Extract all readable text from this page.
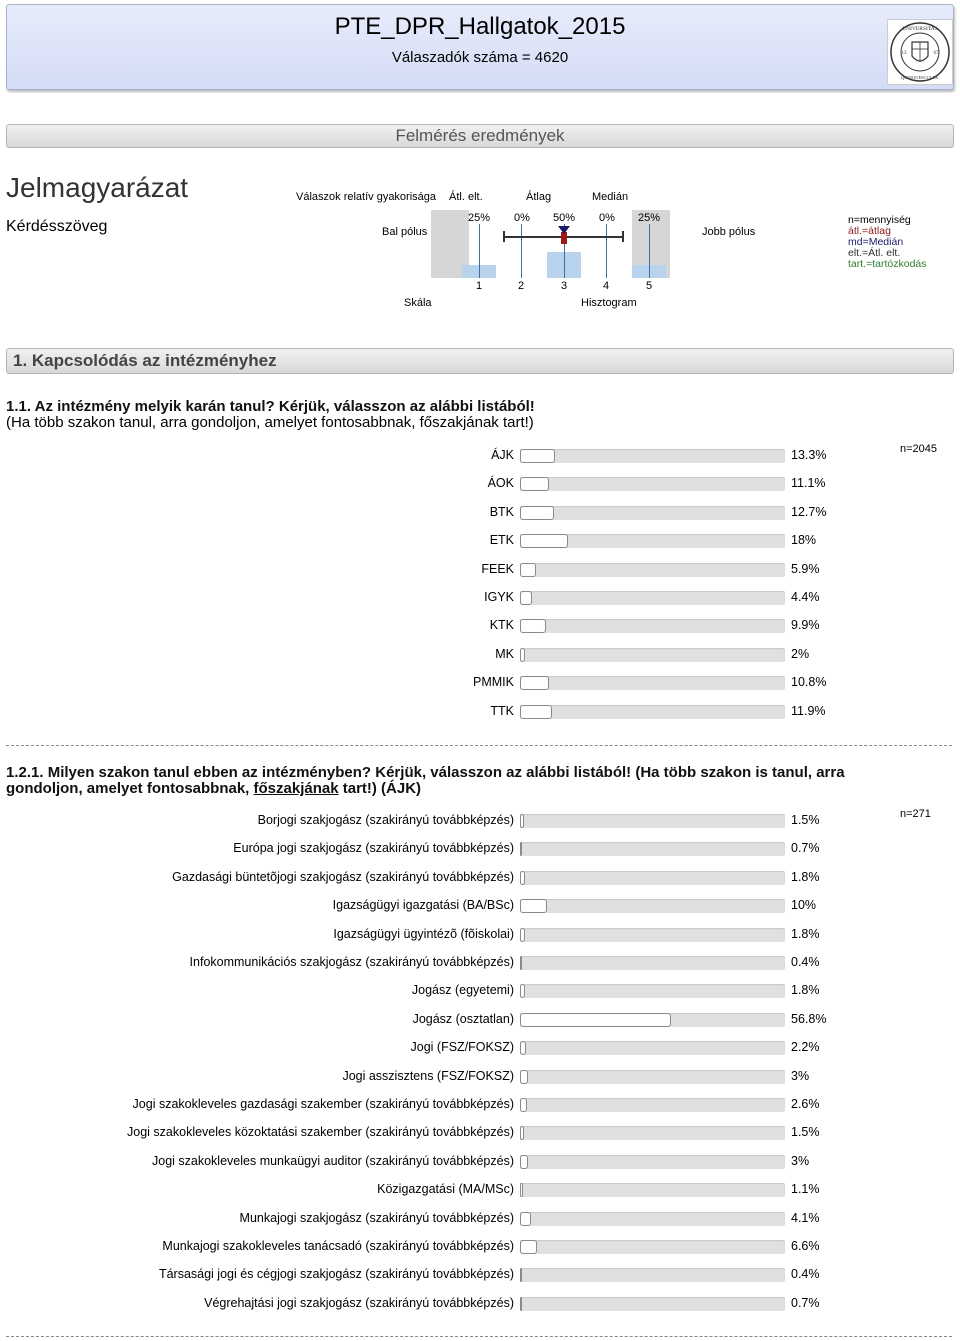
PTE_DPR_Hallgatok_2015
Válaszadók száma = 4620
UNIVERSITAS
QUINQUEECCLES.
13	67
Felmérés eredmények
Jelmagyarázat
Kérdésszöveg
Válaszok relatív gyakorisága Átl. elt.	Átlag	Medián
Bal pólus	Jobb pólus
25% 0% 50% 0% 25%
1	2	3	4	5
Skála	Hisztogram
n=mennyiség
átl.=átlag
md=Medián
elt.=Átl. elt.
tart.=tartózkodás
1. Kapcsolódás az intézményhez
1.1. Az intézmény melyik karán tanul? Kérjük, válasszon az alábbi listából!
(Ha több szakon tanul, arra gondoljon, amelyet fontosabbnak, főszakjának tart!)
n=2045
ÁJK	13.3%
ÁOK	11.1%
BTK	12.7%
ETK	18%
FEEK	5.9%
IGYK	4.4%
KTK	9.9%
MK	2%
PMMIK	10.8%
TTK	11.9%
1.2.1. Milyen szakon tanul ebben az intézményben? Kérjük, válasszon az alábbi listából! (Ha több szakon is tanul, arra
gondoljon, amelyet fontosabbnak, főszakjának tart!) (ÁJK)
n=271
Borjogi szakjogász (szakirányú továbbképzés)	1.5%
Európa jogi szakjogász (szakirányú továbbképzés)	0.7%
Gazdasági büntetõjogi szakjogász (szakirányú továbbképzés)	1.8%
Igazságügyi igazgatási (BA/BSc)	10%
Igazságügyi ügyintézõ (fõiskolai)	1.8%
Infokommunikációs szakjogász (szakirányú továbbképzés)	0.4%
Jogász (egyetemi)	1.8%
Jogász (osztatlan)	56.8%
Jogi (FSZ/FOKSZ)	2.2%
Jogi asszisztens (FSZ/FOKSZ)	3%
Jogi szakokleveles gazdasági szakember (szakirányú továbbképzés)	2.6%
Jogi szakokleveles közoktatási szakember (szakirányú továbbképzés)	1.5%
Jogi szakokleveles munkaügyi auditor (szakirányú továbbképzés)	3%
Közigazgatási (MA/MSc)	1.1%
Munkajogi szakjogász (szakirányú továbbképzés)	4.1%
Munkajogi szakokleveles tanácsadó (szakirányú továbbképzés)	6.6%
Társasági jogi és cégjogi szakjogász (szakirányú továbbképzés)	0.4%
Végrehajtási jogi szakjogász (szakirányú továbbképzés)	0.7%
